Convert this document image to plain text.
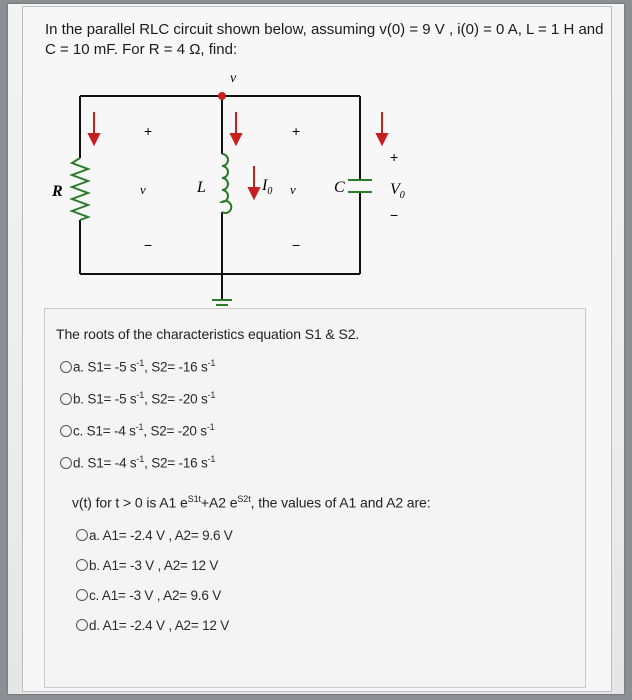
In the parallel RLC circuit shown below, assuming v(0) = 9 V , i(0) = 0 A, L = 1 H and
C = 10 mF. For R = 4 Ω, find:
v
R	L	C
$I_0$	$V_0$
v	v
+
−
+
−
+
−
The roots of the characteristics equation S1 & S2.
a. S1= -5 $s^{-1}$, S2= -16 $s^{-1}$
b. S1= -5 $s^{-1}$, S2= -20 $s^{-1}$
c. S1= -4 $s^{-1}$, S2= -20 $s^{-1}$
d. S1= -4 $s^{-1}$, S2= -16 $s^{-1}$
v(t) for t > 0 is A1 $e^{S1t}+A2$ $e^{S2t}$, the values of A1 and A2 are:
a. A1= -2.4 V , A2= 9.6 V
b. A1= -3 V , A2= 12 V
c. A1= -3 V , A2= 9.6 V
d. A1= -2.4 V , A2= 12 V
